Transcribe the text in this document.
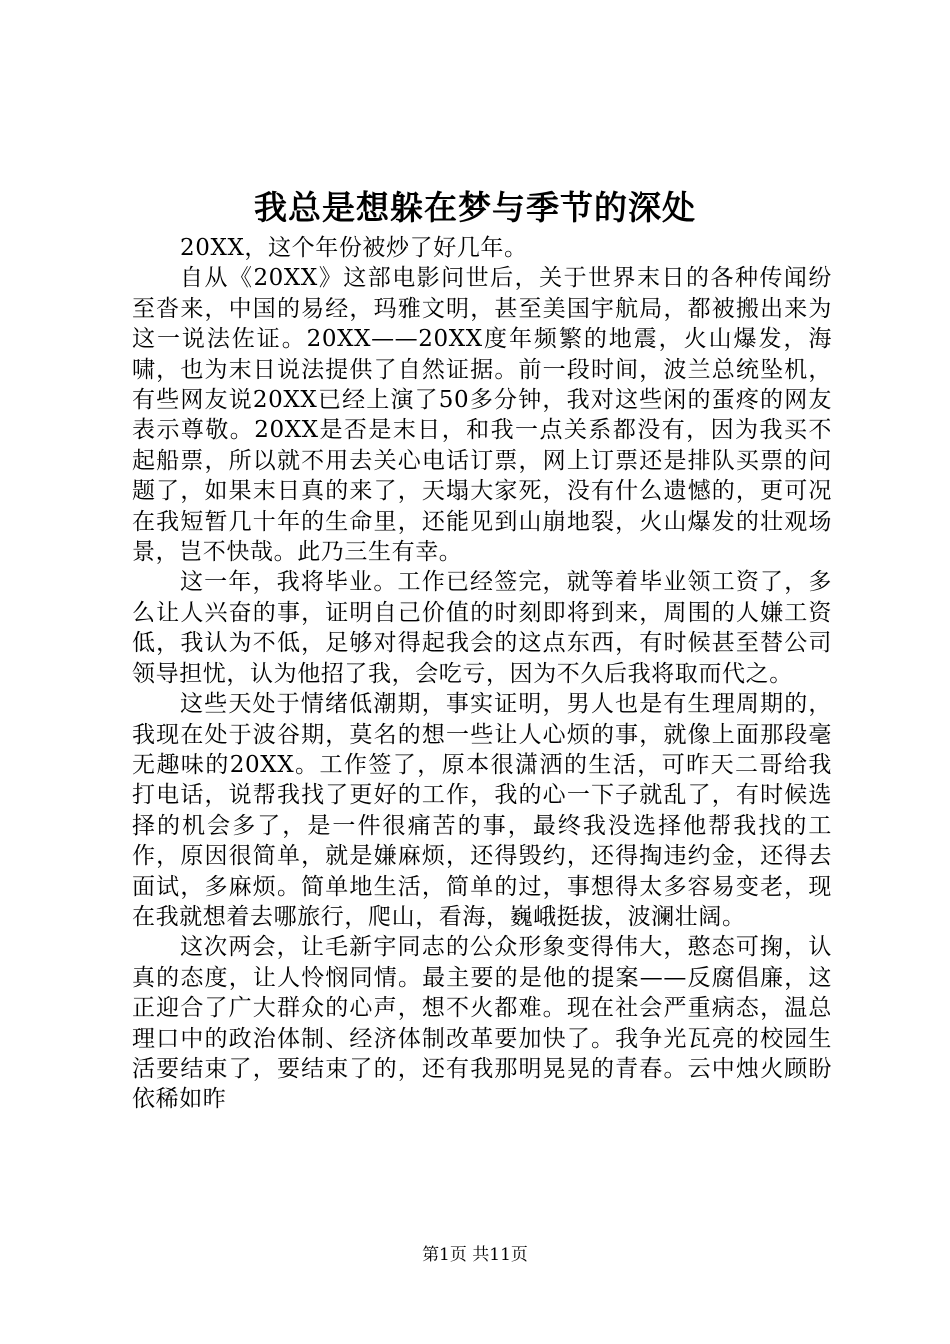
我总是想躲在梦与季节的深处

20XX，这个年份被炒了好几年。

自从《20XX》这部电影问世后，关于世界末日的各种传闻纷至沓来，中国的易经，玛雅文明，甚至美国宇航局，都被搬出来为这一说法佐证。20XX——20XX度年频繁的地震，火山爆发，海啸，也为末日说法提供了自然证据。前一段时间，波兰总统坠机，有些网友说20XX已经上演了50多分钟，我对这些闲的蛋疼的网友表示尊敬。20XX是否是末日，和我一点关系都没有，因为我买不起船票，所以就不用去关心电话订票，网上订票还是排队买票的问题了，如果末日真的来了，天塌大家死，没有什么遗憾的，更可况在我短暂几十年的生命里，还能见到山崩地裂，火山爆发的壮观场景，岂不快哉。此乃三生有幸。

这一年，我将毕业。工作已经签完，就等着毕业领工资了，多么让人兴奋的事，证明自己价值的时刻即将到来，周围的人嫌工资低，我认为不低，足够对得起我会的这点东西，有时候甚至替公司领导担忧，认为他招了我，会吃亏，因为不久后我将取而代之。

这些天处于情绪低潮期，事实证明，男人也是有生理周期的，我现在处于波谷期，莫名的想一些让人心烦的事，就像上面那段毫无趣味的20XX。工作签了，原本很潇洒的生活，可昨天二哥给我打电话，说帮我找了更好的工作，我的心一下子就乱了，有时候选择的机会多了，是一件很痛苦的事，最终我没选择他帮我找的工作，原因很简单，就是嫌麻烦，还得毁约，还得掏违约金，还得去面试，多麻烦。简单地生活，简单的过，事想得太多容易变老，现在我就想着去哪旅行，爬山，看海，巍峨挺拔，波澜壮阔。

这次两会，让毛新宇同志的公众形象变得伟大，憨态可掬，认真的态度，让人怜悯同情。最主要的是他的提案——反腐倡廉，这正迎合了广大群众的心声，想不火都难。现在社会严重病态，温总理口中的政治体制、经济体制改革要加快了。我争光瓦亮的校园生活要结束了，要结束了的，还有我那明晃晃的青春。云中烛火顾盼依稀如昨

第1页 共11页
